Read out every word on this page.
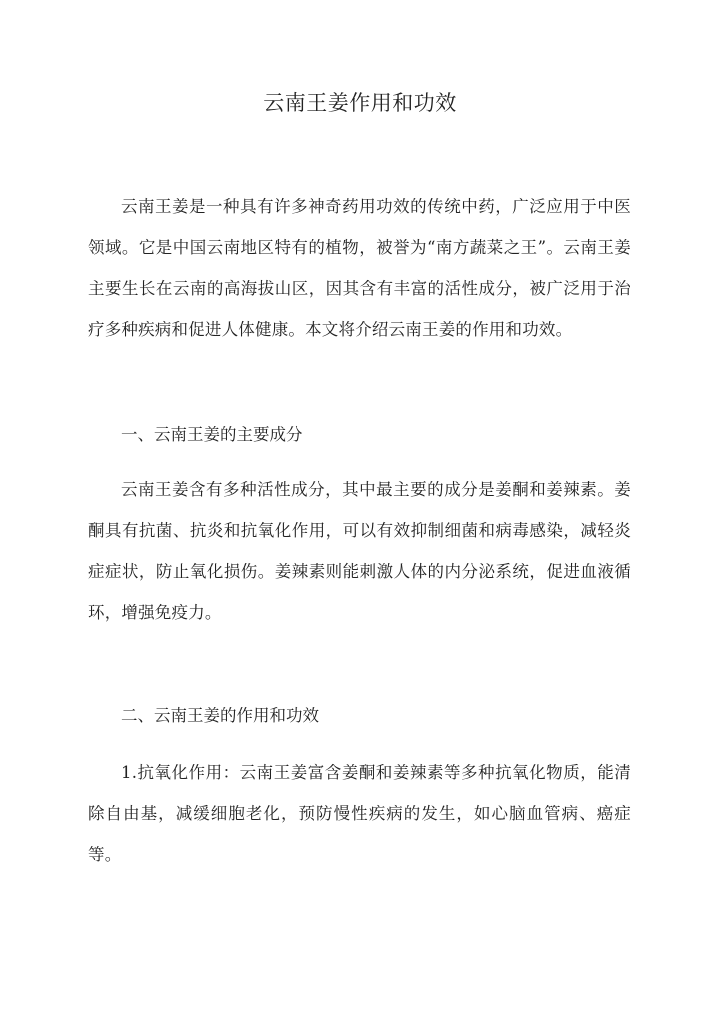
云南王姜作用和功效

云南王姜是一种具有许多神奇药用功效的传统中药，广泛应用于中医领域。它是中国云南地区特有的植物，被誉为“南方蔬菜之王”。云南王姜主要生长在云南的高海拔山区，因其含有丰富的活性成分，被广泛用于治疗多种疾病和促进人体健康。本文将介绍云南王姜的作用和功效。

一、云南王姜的主要成分

云南王姜含有多种活性成分，其中最主要的成分是姜酮和姜辣素。姜酮具有抗菌、抗炎和抗氧化作用，可以有效抑制细菌和病毒感染，减轻炎症症状，防止氧化损伤。姜辣素则能刺激人体的内分泌系统，促进血液循环，增强免疫力。

二、云南王姜的作用和功效

1.抗氧化作用：云南王姜富含姜酮和姜辣素等多种抗氧化物质，能清除自由基，减缓细胞老化，预防慢性疾病的发生，如心脑血管病、癌症等。
